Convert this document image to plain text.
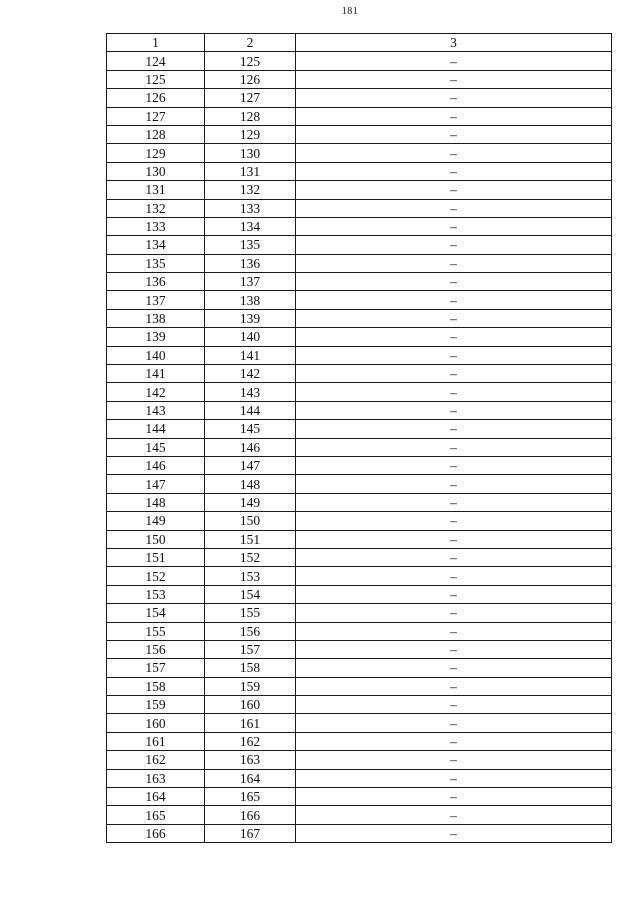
181
1	2	3
124	125	–
125	126	–
126	127	–
127	128	–
128	129	–
129	130	–
130	131	–
131	132	–
132	133	–
133	134	–
134	135	–
135	136	–
136	137	–
137	138	–
138	139	–
139	140	–
140	141	–
141	142	–
142	143	–
143	144	–
144	145	–
145	146	–
146	147	–
147	148	–
148	149	–
149	150	–
150	151	–
151	152	–
152	153	–
153	154	–
154	155	–
155	156	–
156	157	–
157	158	–
158	159	–
159	160	–
160	161	–
161	162	–
162	163	–
163	164	–
164	165	–
165	166	–
166	167	–
